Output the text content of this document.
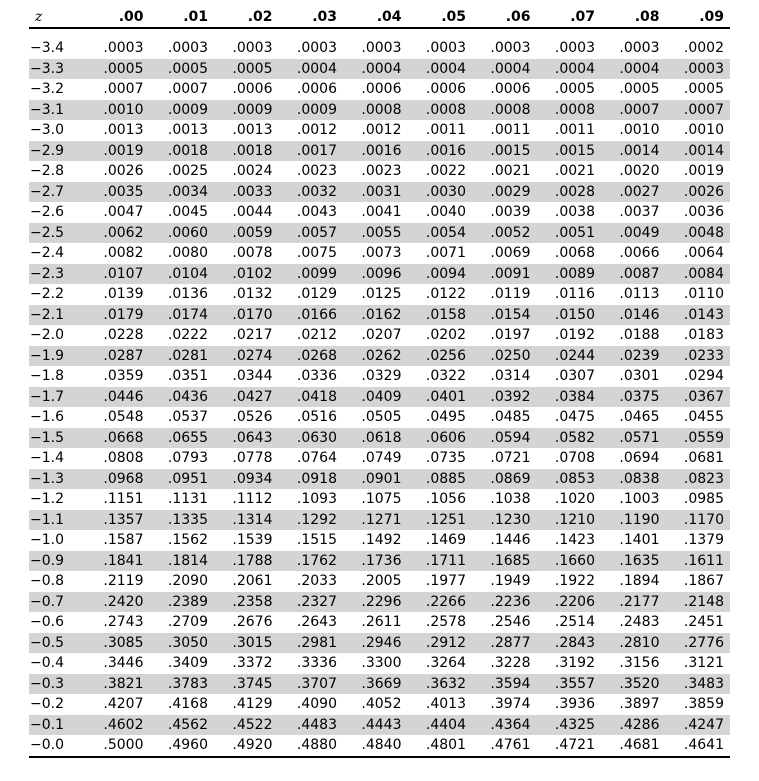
z	.00	.01	.02	.03	.04	.05	.06	.07	.08	.09

−3.4	.0003	.0003	.0003	.0003	.0003	.0003	.0003	.0003	.0003	.0002
−3.3	.0005	.0005	.0005	.0004	.0004	.0004	.0004	.0004	.0004	.0003
−3.2	.0007	.0007	.0006	.0006	.0006	.0006	.0006	.0005	.0005	.0005
−3.1	.0010	.0009	.0009	.0009	.0008	.0008	.0008	.0008	.0007	.0007
−3.0	.0013	.0013	.0013	.0012	.0012	.0011	.0011	.0011	.0010	.0010
−2.9	.0019	.0018	.0018	.0017	.0016	.0016	.0015	.0015	.0014	.0014
−2.8	.0026	.0025	.0024	.0023	.0023	.0022	.0021	.0021	.0020	.0019
−2.7	.0035	.0034	.0033	.0032	.0031	.0030	.0029	.0028	.0027	.0026
−2.6	.0047	.0045	.0044	.0043	.0041	.0040	.0039	.0038	.0037	.0036
−2.5	.0062	.0060	.0059	.0057	.0055	.0054	.0052	.0051	.0049	.0048
−2.4	.0082	.0080	.0078	.0075	.0073	.0071	.0069	.0068	.0066	.0064
−2.3	.0107	.0104	.0102	.0099	.0096	.0094	.0091	.0089	.0087	.0084
−2.2	.0139	.0136	.0132	.0129	.0125	.0122	.0119	.0116	.0113	.0110
−2.1	.0179	.0174	.0170	.0166	.0162	.0158	.0154	.0150	.0146	.0143
−2.0	.0228	.0222	.0217	.0212	.0207	.0202	.0197	.0192	.0188	.0183
−1.9	.0287	.0281	.0274	.0268	.0262	.0256	.0250	.0244	.0239	.0233
−1.8	.0359	.0351	.0344	.0336	.0329	.0322	.0314	.0307	.0301	.0294
−1.7	.0446	.0436	.0427	.0418	.0409	.0401	.0392	.0384	.0375	.0367
−1.6	.0548	.0537	.0526	.0516	.0505	.0495	.0485	.0475	.0465	.0455
−1.5	.0668	.0655	.0643	.0630	.0618	.0606	.0594	.0582	.0571	.0559
−1.4	.0808	.0793	.0778	.0764	.0749	.0735	.0721	.0708	.0694	.0681
−1.3	.0968	.0951	.0934	.0918	.0901	.0885	.0869	.0853	.0838	.0823
−1.2	.1151	.1131	.1112	.1093	.1075	.1056	.1038	.1020	.1003	.0985
−1.1	.1357	.1335	.1314	.1292	.1271	.1251	.1230	.1210	.1190	.1170
−1.0	.1587	.1562	.1539	.1515	.1492	.1469	.1446	.1423	.1401	.1379
−0.9	.1841	.1814	.1788	.1762	.1736	.1711	.1685	.1660	.1635	.1611
−0.8	.2119	.2090	.2061	.2033	.2005	.1977	.1949	.1922	.1894	.1867
−0.7	.2420	.2389	.2358	.2327	.2296	.2266	.2236	.2206	.2177	.2148
−0.6	.2743	.2709	.2676	.2643	.2611	.2578	.2546	.2514	.2483	.2451
−0.5	.3085	.3050	.3015	.2981	.2946	.2912	.2877	.2843	.2810	.2776
−0.4	.3446	.3409	.3372	.3336	.3300	.3264	.3228	.3192	.3156	.3121
−0.3	.3821	.3783	.3745	.3707	.3669	.3632	.3594	.3557	.3520	.3483
−0.2	.4207	.4168	.4129	.4090	.4052	.4013	.3974	.3936	.3897	.3859
−0.1	.4602	.4562	.4522	.4483	.4443	.4404	.4364	.4325	.4286	.4247
−0.0	.5000	.4960	.4920	.4880	.4840	.4801	.4761	.4721	.4681	.4641
